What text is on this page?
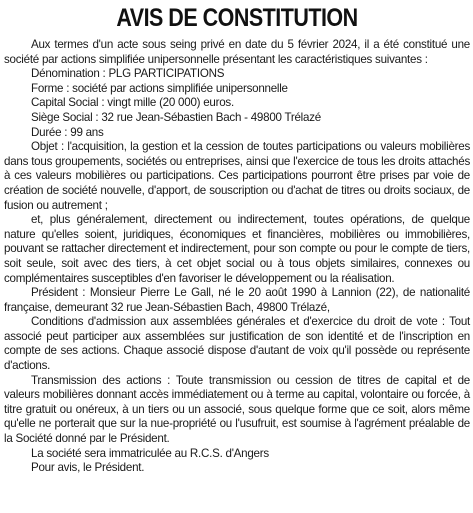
AVIS DE CONSTITUTION

Aux termes d'un acte sous seing privé en date du 5 février 2024, il a été constitué une société par actions simplifiée unipersonnelle présentant les caractéristiques suivantes :

Dénomination : PLG PARTICIPATIONS

Forme : société par actions simplifiée unipersonnelle

Capital Social : vingt mille (20 000) euros.

Siège Social : 32 rue Jean-Sébastien Bach - 49800 Trélazé

Durée : 99 ans

Objet : l'acquisition, la gestion et la cession de toutes participations ou valeurs mobilières dans tous groupements, sociétés ou entreprises, ainsi que l'exercice de tous les droits attachés à ces valeurs mobilières ou participations. Ces participations pourront être prises par voie de création de société nouvelle, d'apport, de souscription ou d'achat de titres ou droits sociaux, de fusion ou autrement ;

et, plus généralement, directement ou indirectement, toutes opérations, de quelque nature qu'elles soient, juridiques, économiques et financières, mobilières ou immobilières, pouvant se rattacher directement et indirectement, pour son compte ou pour le compte de tiers, soit seule, soit avec des tiers, à cet objet social ou à tous objets similaires, connexes ou complémentaires susceptibles d'en favoriser le développement ou la réalisation.

Président : Monsieur Pierre Le Gall, né le 20 août 1990 à Lannion (22), de nationalité française, demeurant 32 rue Jean-Sébastien Bach, 49800 Trélazé,

Conditions d'admission aux assemblées générales et d'exercice du droit de vote : Tout associé peut participer aux assemblées sur justification de son identité et de l'inscription en compte de ses actions. Chaque associé dispose d'autant de voix qu'il possède ou représente d'actions.

Transmission des actions : Toute transmission ou cession de titres de capital et de valeurs mobilières donnant accès immédiatement ou à terme au capital, volontaire ou forcée, à titre gratuit ou onéreux, à un tiers ou un associé, sous quelque forme que ce soit, alors même qu'elle ne porterait que sur la nue-propriété ou l'usufruit, est soumise à l'agrément préalable de la Société donné par le Président.

La société sera immatriculée au R.C.S. d'Angers

Pour avis, le Président.
